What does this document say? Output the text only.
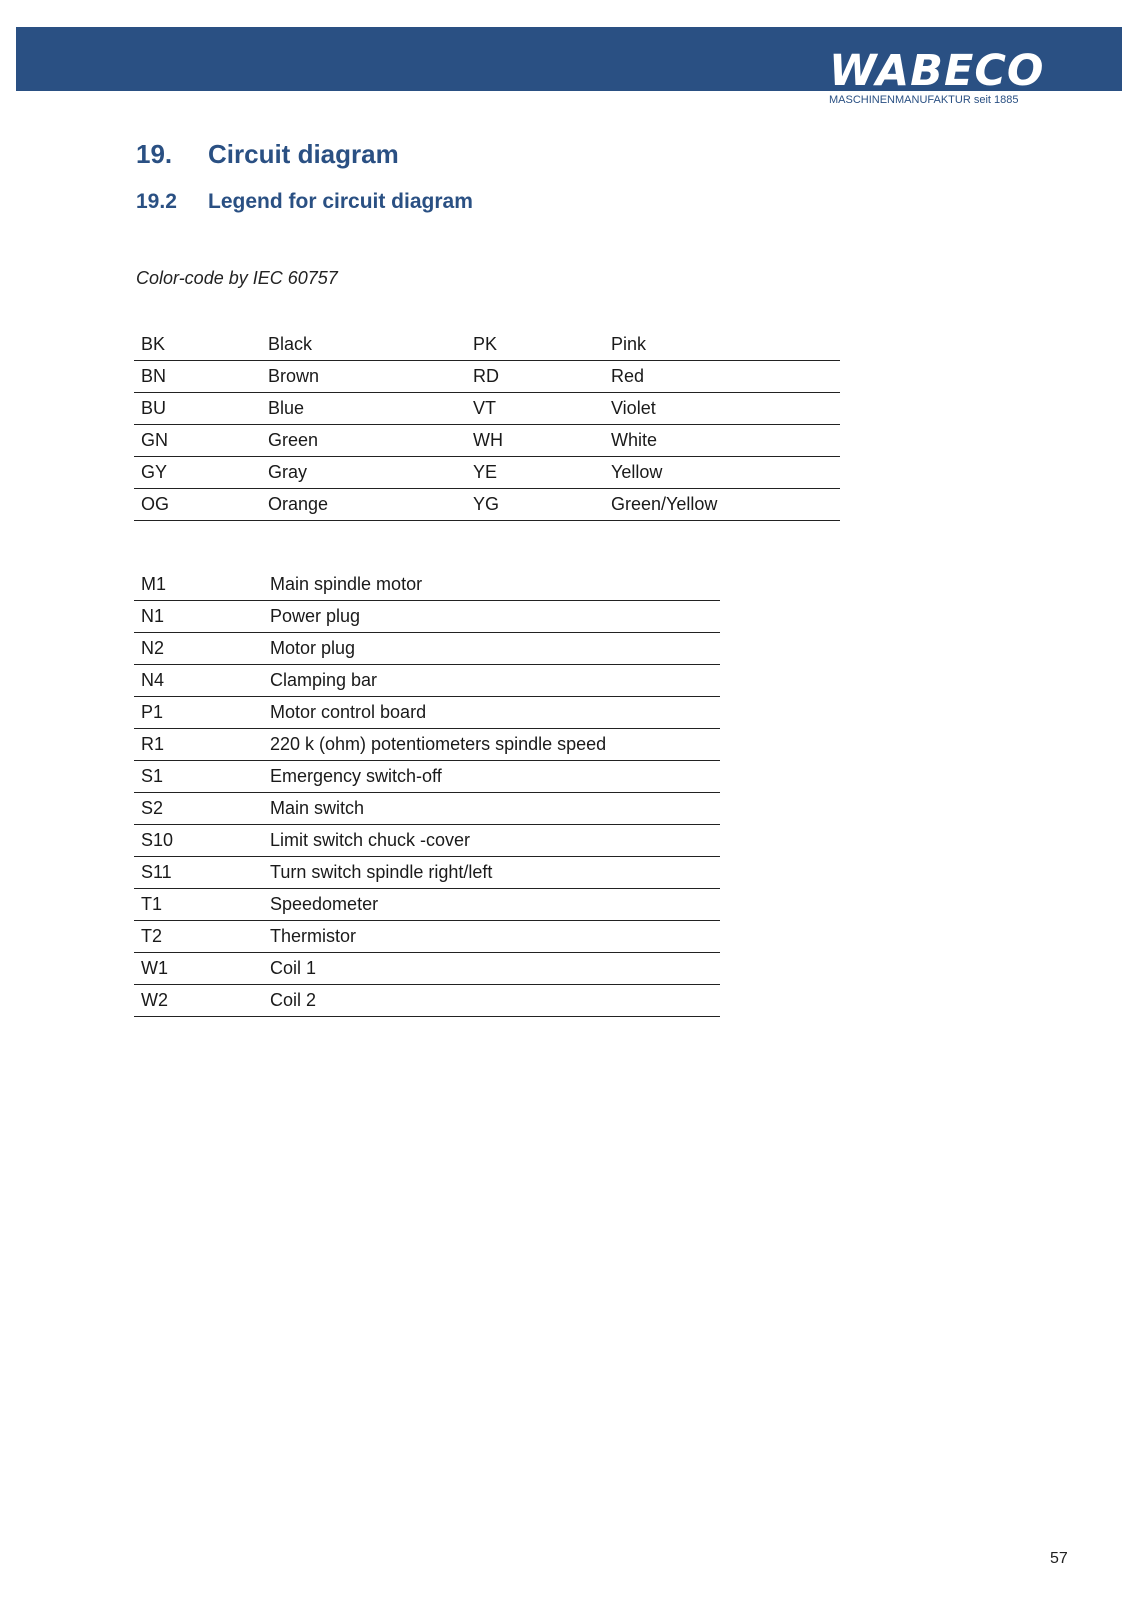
WABECO
MASCHINENMANUFAKTUR seit 1885
19. Circuit diagram
19.2 Legend for circuit diagram
Color-code by IEC 60757
BK	Black	PK	Pink
BN	Brown	RD	Red
BU	Blue	VT	Violet
GN	Green	WH	White
GY	Gray	YE	Yellow
OG	Orange	YG	Green/Yellow
M1	Main spindle motor
N1	Power plug
N2	Motor plug
N4	Clamping bar
P1	Motor control board
R1	220 k (ohm) potentiometers spindle speed
S1	Emergency switch-off
S2	Main switch
S10	Limit switch chuck -cover
S11	Turn switch spindle right/left
T1	Speedometer
T2	Thermistor
W1	Coil 1
W2	Coil 2
57
